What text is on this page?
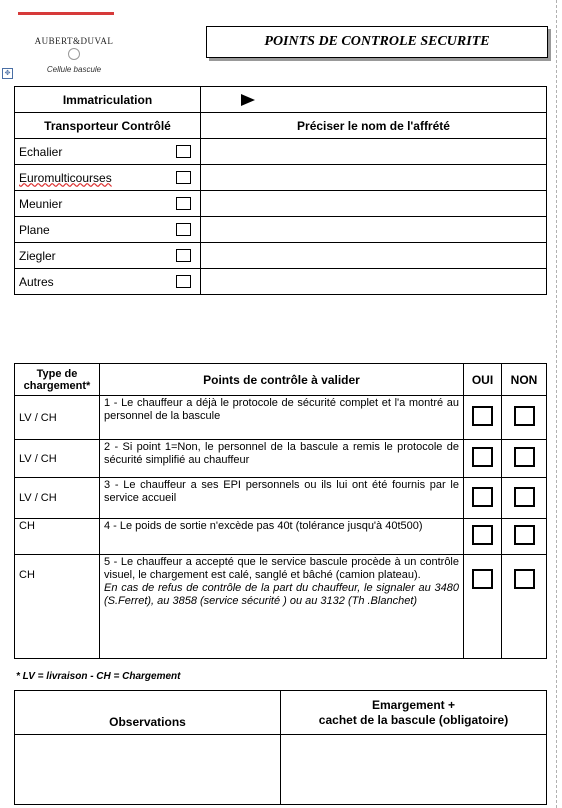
AUBERT&DUVAL
Cellule bascule
POINTS DE CONTROLE SECURITE
✥
Immatriculation	
Transporteur Contrôlé	Préciser le nom de l'affrété

Echalier	

Euromulticourses	

Meunier	

Plane	

Ziegler	

Autres	

Type de chargement*	Points de contrôle à valider	OUI	NON
LV / CH	1 - Le chauffeur a déjà le protocole de sécurité complet et l'a montré au personnel de la bascule		
LV / CH	2 - Si point 1=Non, le personnel de la bascule a remis le protocole de sécurité simplifié au chauffeur		
LV / CH	3 - Le chauffeur a ses EPI personnels ou ils lui ont été fournis par le service accueil		
CH	4 - Le poids de sortie n'excède pas 40t (tolérance jusqu'à 40t500)		
CH	5 - Le chauffeur a accepté que le service bascule procède à un contrôle visuel, le chargement est calé, sanglé et bâché (camion plateau).
En cas de refus de contrôle de la part du chauffeur, le signaler au 3480 (S.Ferret), au 3858 (service sécurité ) ou au 3132 (Th .Blanchet)		

* LV = livraison - CH = Chargement
Observations	Emargement +
cachet de la bascule (obligatoire)
